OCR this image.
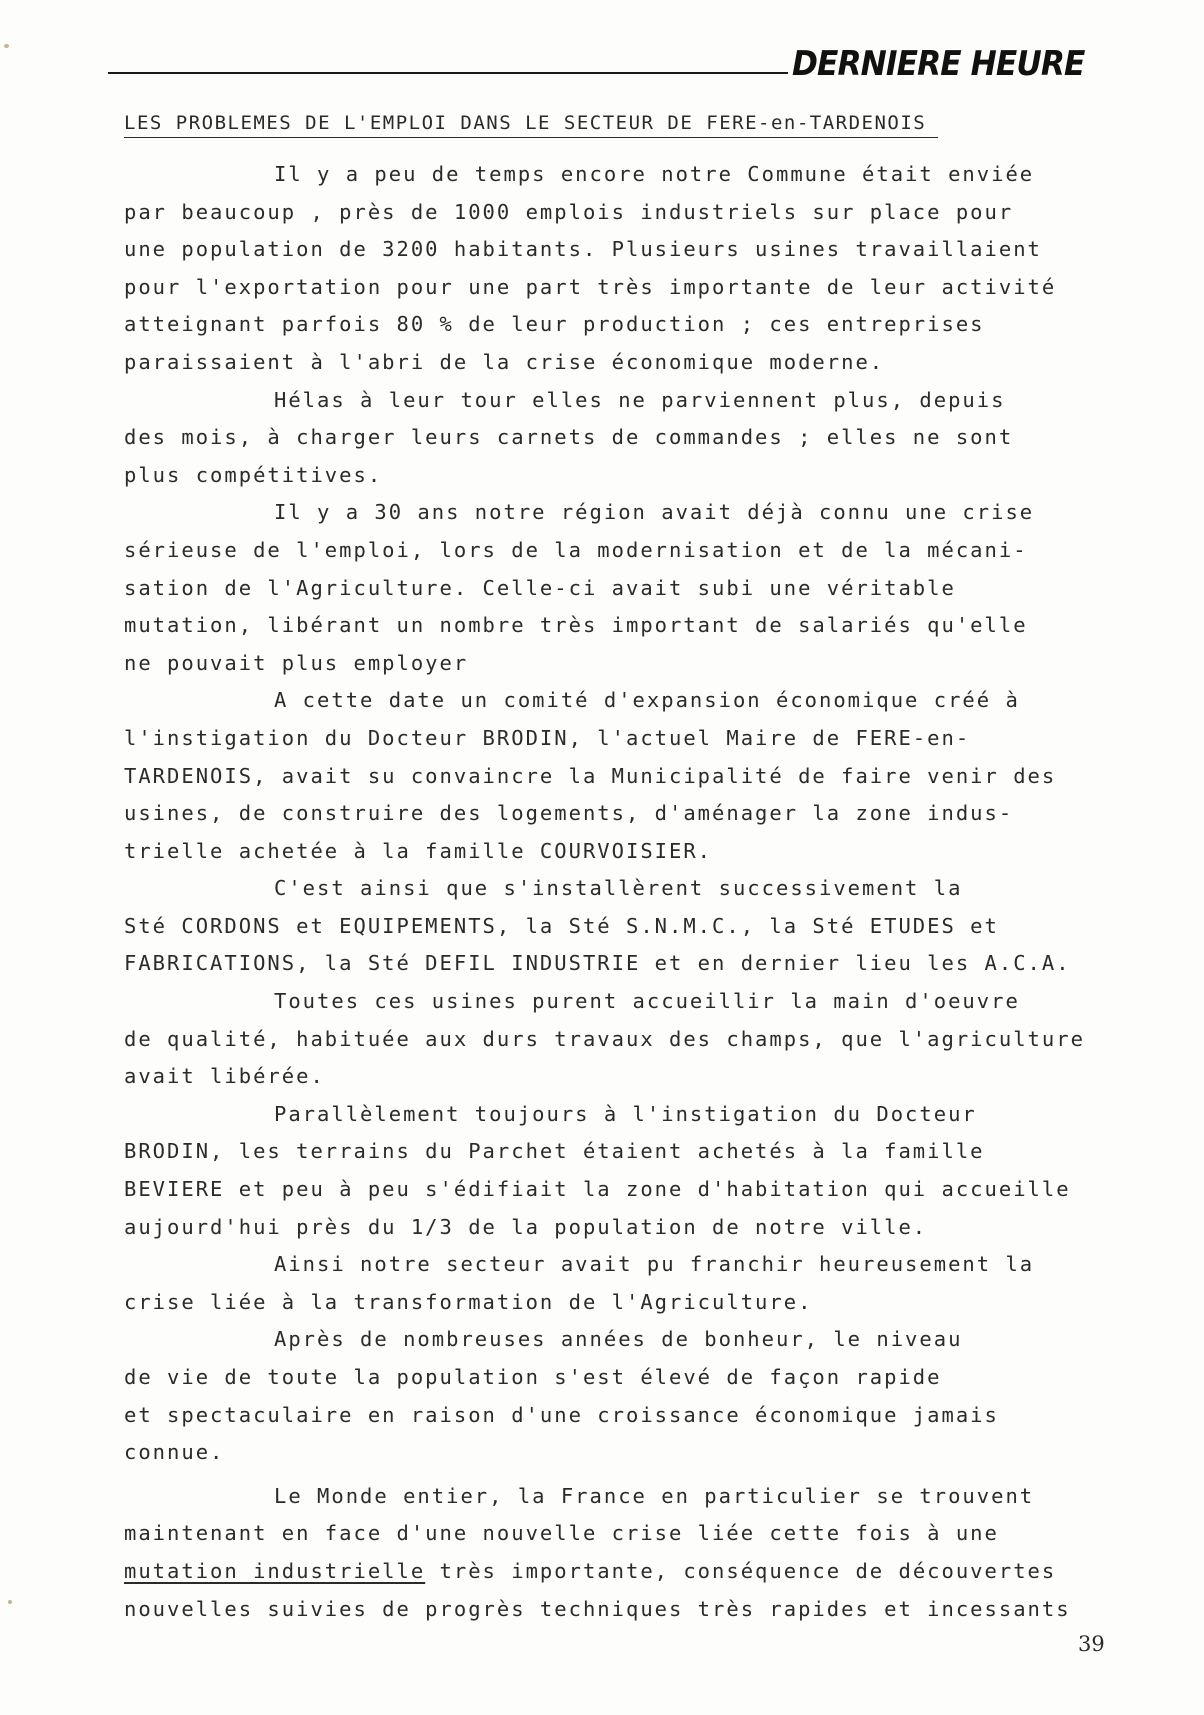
DERNIERE HEURE
LES PROBLEMES DE L'EMPLOI DANS LE SECTEUR DE FERE-en-TARDENOIS
Il y a peu de temps encore notre Commune était enviée
par beaucoup , près de 1000 emplois industriels sur place pour
une population de 3200 habitants. Plusieurs usines travaillaient
pour l'exportation pour une part très importante de leur activité
atteignant parfois 80 % de leur production ; ces entreprises
paraissaient à l'abri de la crise économique moderne.
Hélas à leur tour elles ne parviennent plus, depuis
des mois, à charger leurs carnets de commandes ; elles ne sont
plus compétitives.
Il y a 30 ans notre région avait déjà connu une crise
sérieuse de l'emploi, lors de la modernisation et de la mécani-
sation de l'Agriculture. Celle-ci avait subi une véritable
mutation, libérant un nombre très important de salariés qu'elle
ne pouvait plus employer
A cette date un comité d'expansion économique créé à
l'instigation du Docteur BRODIN, l'actuel Maire de FERE-en-
TARDENOIS, avait su convaincre la Municipalité de faire venir des
usines, de construire des logements, d'aménager la zone indus-
trielle achetée à la famille COURVOISIER.
C'est ainsi que s'installèrent successivement la
Sté CORDONS et EQUIPEMENTS, la Sté S.N.M.C., la Sté ETUDES et
FABRICATIONS, la Sté DEFIL INDUSTRIE et en dernier lieu les A.C.A.
Toutes ces usines purent accueillir la main d'oeuvre
de qualité, habituée aux durs travaux des champs, que l'agriculture
avait libérée.
Parallèlement toujours à l'instigation du Docteur
BRODIN, les terrains du Parchet étaient achetés à la famille
BEVIERE et peu à peu s'édifiait la zone d'habitation qui accueille
aujourd'hui près du 1/3 de la population de notre ville.
Ainsi notre secteur avait pu franchir heureusement la
crise liée à la transformation de l'Agriculture.
Après de nombreuses années de bonheur, le niveau
de vie de toute la population s'est élevé de façon rapide
et spectaculaire en raison d'une croissance économique jamais
connue.
Le Monde entier, la France en particulier se trouvent
maintenant en face d'une nouvelle crise liée cette fois à une
mutation industrielle très importante, conséquence de découvertes
nouvelles suivies de progrès techniques très rapides et incessants
39
